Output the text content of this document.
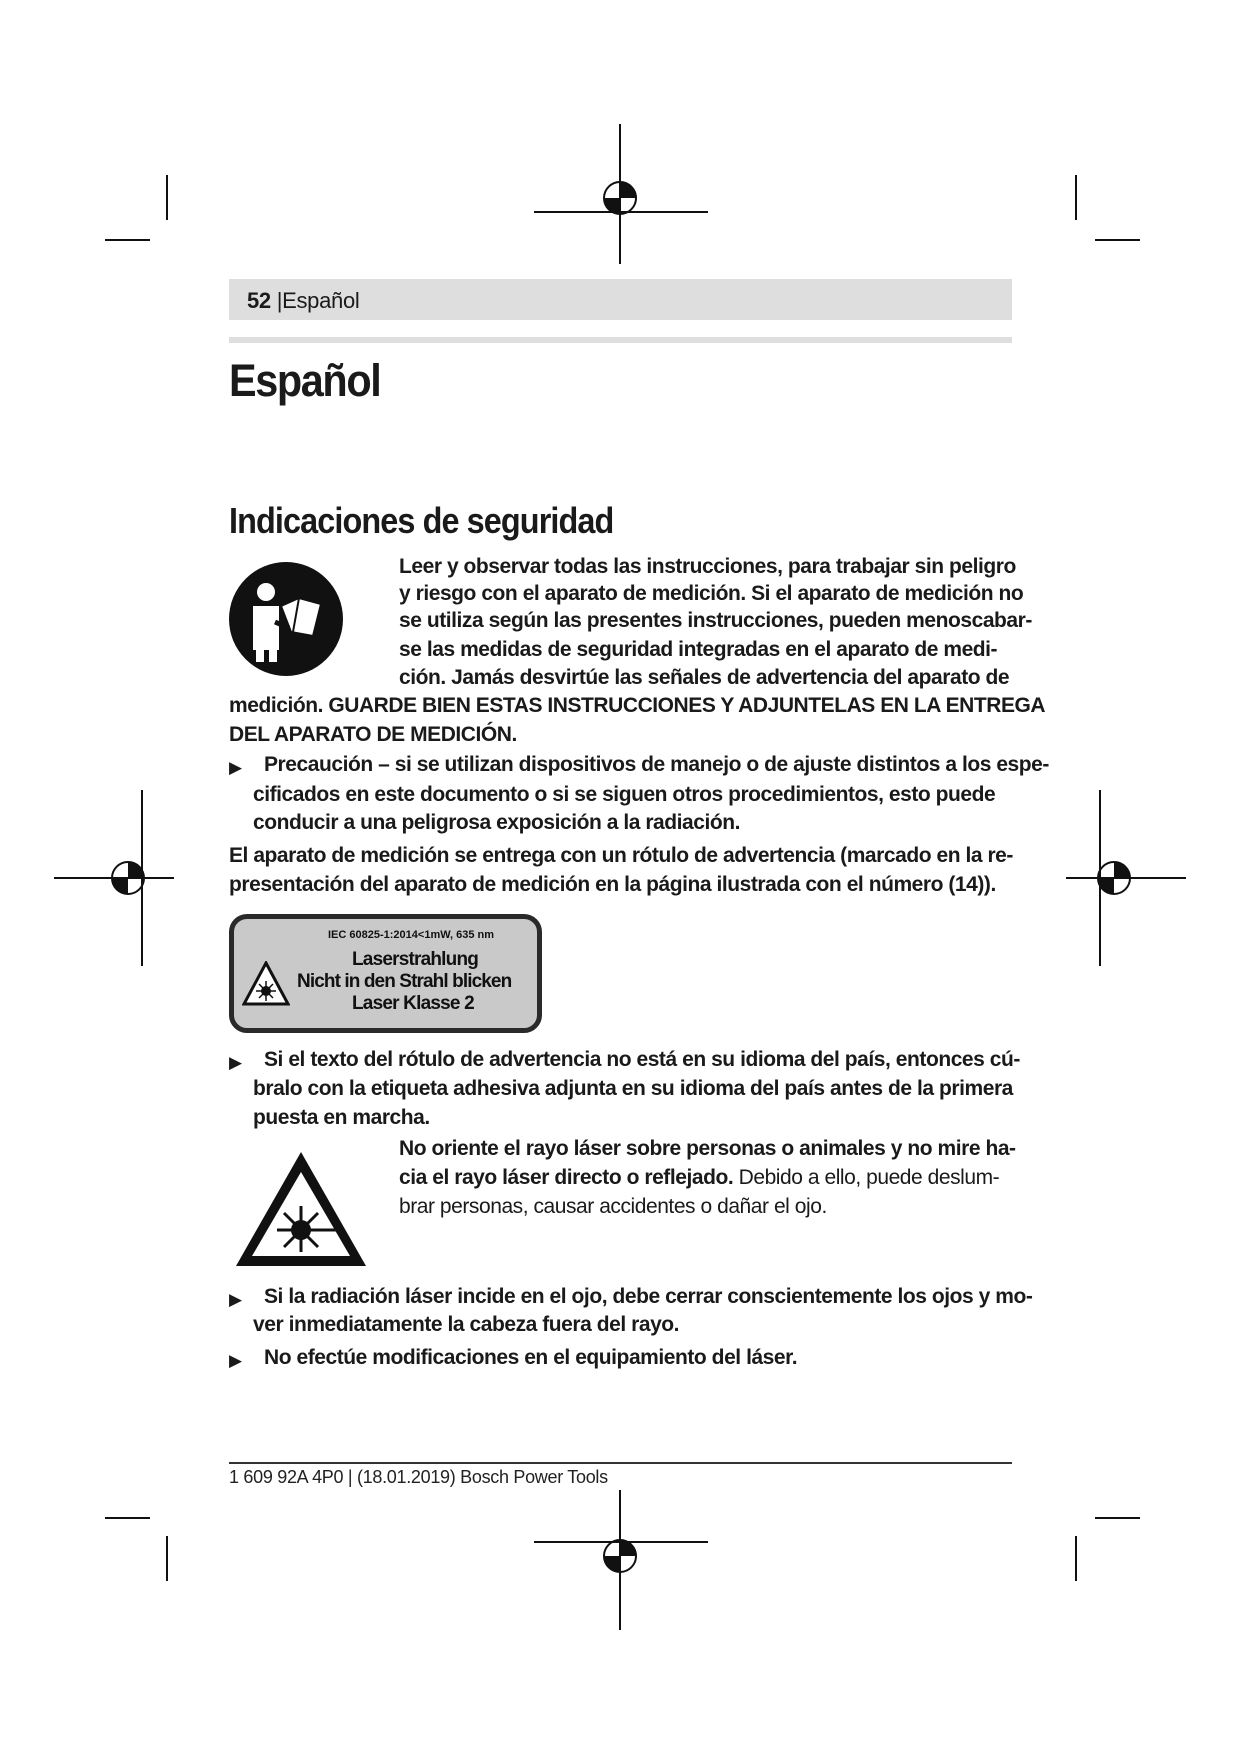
52 |Español
Español
Indicaciones de seguridad
Leer y observar todas las instrucciones, para trabajar sin peligro
y riesgo con el aparato de medición. Si el aparato de medición no
se utiliza según las presentes instrucciones, pueden menoscabar-
se las medidas de seguridad integradas en el aparato de medi-
ción. Jamás desvirtúe las señales de advertencia del aparato de
medición. GUARDE BIEN ESTAS INSTRUCCIONES Y ADJUNTELAS EN LA ENTREGA
DEL APARATO DE MEDICIÓN.
▶ Precaución – si se utilizan dispositivos de manejo o de ajuste distintos a los espe-
cificados en este documento o si se siguen otros procedimientos, esto puede
conducir a una peligrosa exposición a la radiación.
El aparato de medición se entrega con un rótulo de advertencia (marcado en la re-
presentación del aparato de medición en la página ilustrada con el número (14)).
IEC 60825-1:2014<1mW, 635 nm
Laserstrahlung
Nicht in den Strahl blicken
Laser Klasse 2
▶ Si el texto del rótulo de advertencia no está en su idioma del país, entonces cú-
bralo con la etiqueta adhesiva adjunta en su idioma del país antes de la primera
puesta en marcha.
No oriente el rayo láser sobre personas o animales y no mire ha-
cia el rayo láser directo o reflejado. Debido a ello, puede deslum-
brar personas, causar accidentes o dañar el ojo.
▶ Si la radiación láser incide en el ojo, debe cerrar conscientemente los ojos y mo-
ver inmediatamente la cabeza fuera del rayo.
▶ No efectúe modificaciones en el equipamiento del láser.
1 609 92A 4P0 | (18.01.2019) Bosch Power Tools
